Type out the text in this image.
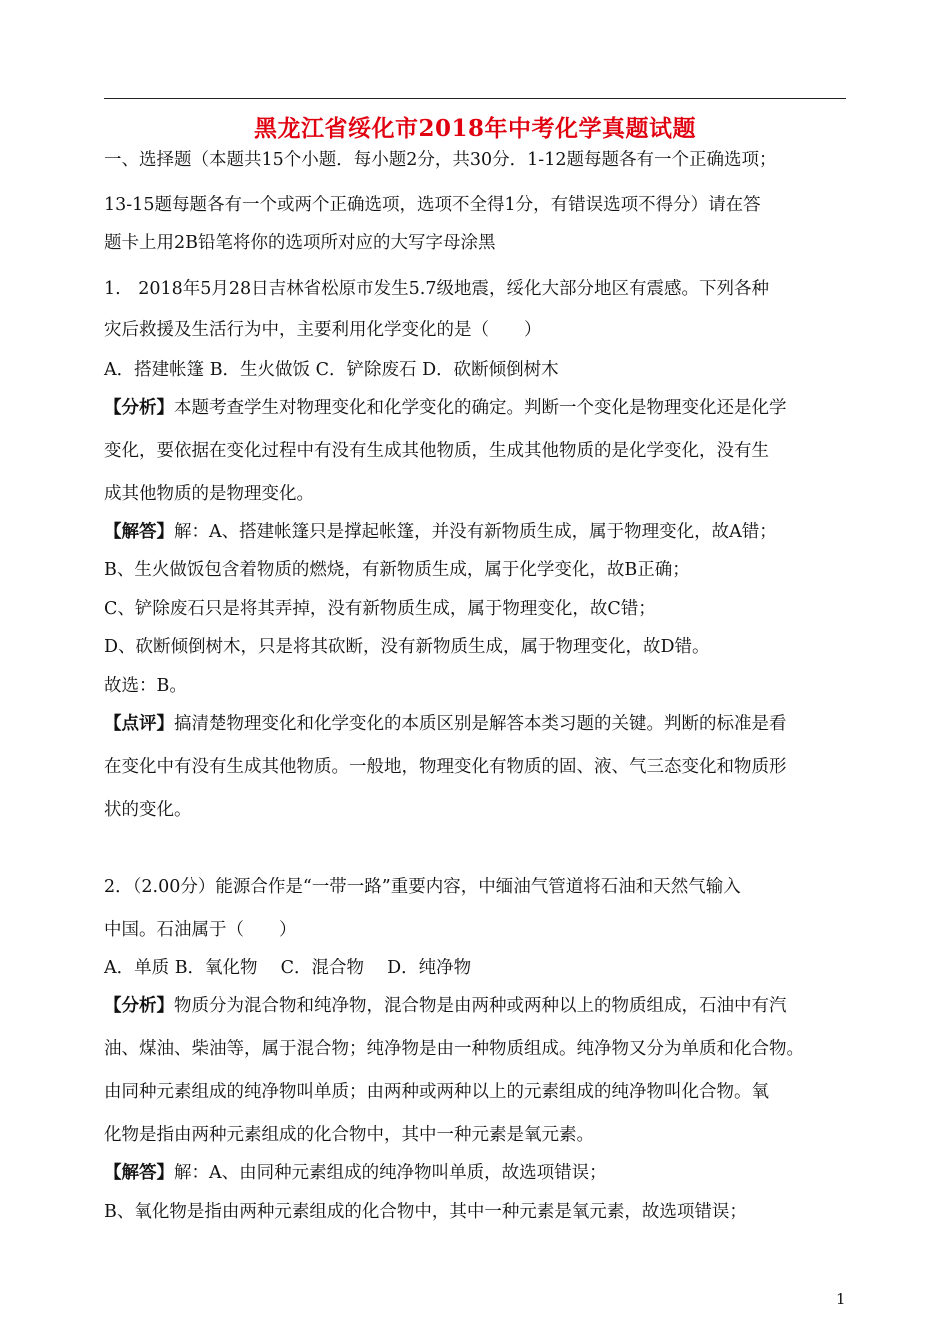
黑龙江省绥化市2018年中考化学真题试题
一、选择题（本题共15个小题．每小题2分，共30分．1-12题每题各有一个正确选项；
13-15题每题各有一个或两个正确选项，选项不全得1分，有错误选项不得分）请在答
题卡上用2B铅笔将你的选项所对应的大写字母涂黑
1.　2018年5月28日吉林省松原市发生5.7级地震，绥化大部分地区有震感。下列各种
灾后救援及生活行为中，主要利用化学变化的是（　　）
A．搭建帐篷 B．生火做饭 C．铲除废石 D．砍断倾倒树木
【分析】本题考查学生对物理变化和化学变化的确定。判断一个变化是物理变化还是化学
变化，要依据在变化过程中有没有生成其他物质，生成其他物质的是化学变化，没有生
成其他物质的是物理变化。
【解答】解：A、搭建帐篷只是撑起帐篷，并没有新物质生成，属于物理变化，故A错；
B、生火做饭包含着物质的燃烧，有新物质生成，属于化学变化，故B正确；
C、铲除废石只是将其弄掉，没有新物质生成，属于物理变化，故C错；
D、砍断倾倒树木，只是将其砍断，没有新物质生成，属于物理变化，故D错。
故选：B。
【点评】搞清楚物理变化和化学变化的本质区别是解答本类习题的关键。判断的标准是看
在变化中有没有生成其他物质。一般地，物理变化有物质的固、液、气三态变化和物质形
状的变化。
2．（2.00分）能源合作是“一带一路”重要内容，中缅油气管道将石油和天然气输入
中国。石油属于（　　）
A．单质 B．氧化物　 C．混合物　 D．纯净物
【分析】物质分为混合物和纯净物，混合物是由两种或两种以上的物质组成，石油中有汽
油、煤油、柴油等，属于混合物；纯净物是由一种物质组成。纯净物又分为单质和化合物。
由同种元素组成的纯净物叫单质；由两种或两种以上的元素组成的纯净物叫化合物。氧
化物是指由两种元素组成的化合物中，其中一种元素是氧元素。
【解答】解：A、由同种元素组成的纯净物叫单质，故选项错误；
B、氧化物是指由两种元素组成的化合物中，其中一种元素是氧元素，故选项错误；
1
